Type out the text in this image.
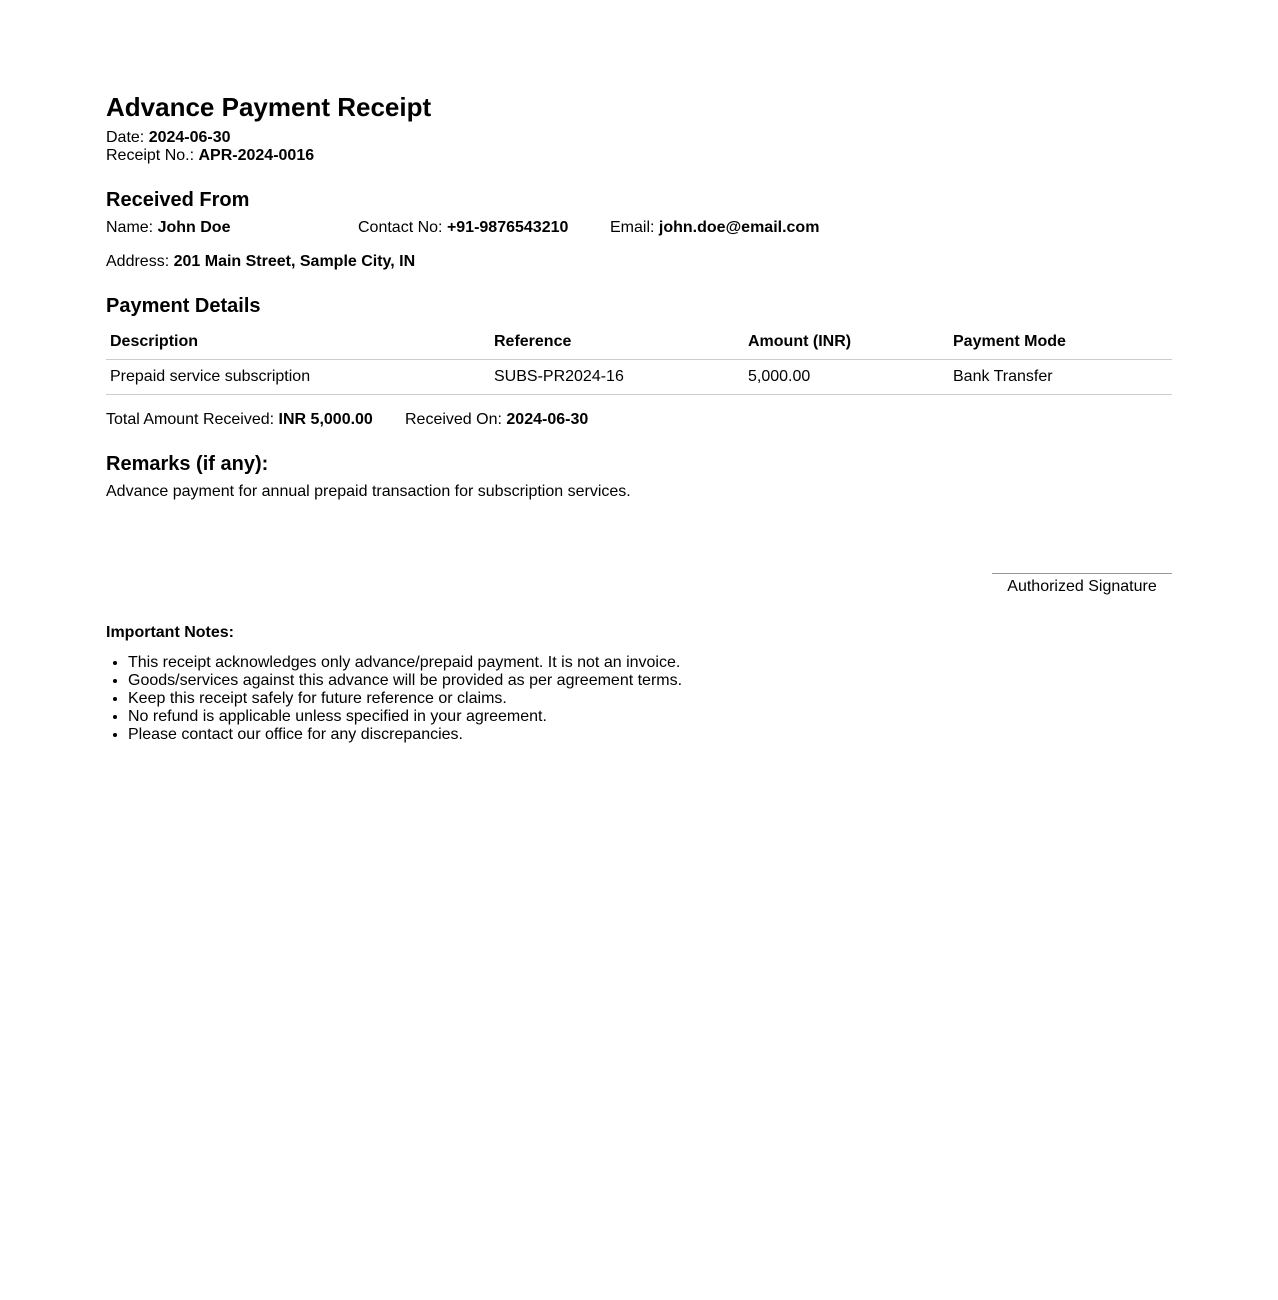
Advance Payment Receipt
Date: 2024-06-30
Receipt No.: APR-2024-0016
Received From
Name: John Doe	Contact No: +91-9876543210	Email: john.doe@email.com
Address: 201 Main Street, Sample City, IN
Payment Details
Description	Reference	Amount (INR)	Payment Mode
Prepaid service subscription	SUBS-PR2024-16	5,000.00	Bank Transfer
Total Amount Received: INR 5,000.00 Received On: 2024-06-30
Remarks (if any):
Advance payment for annual prepaid transaction for subscription services.
Authorized Signature
Important Notes:
• This receipt acknowledges only advance/prepaid payment. It is not an invoice.
• Goods/services against this advance will be provided as per agreement terms.
• Keep this receipt safely for future reference or claims.
• No refund is applicable unless specified in your agreement.
• Please contact our office for any discrepancies.
